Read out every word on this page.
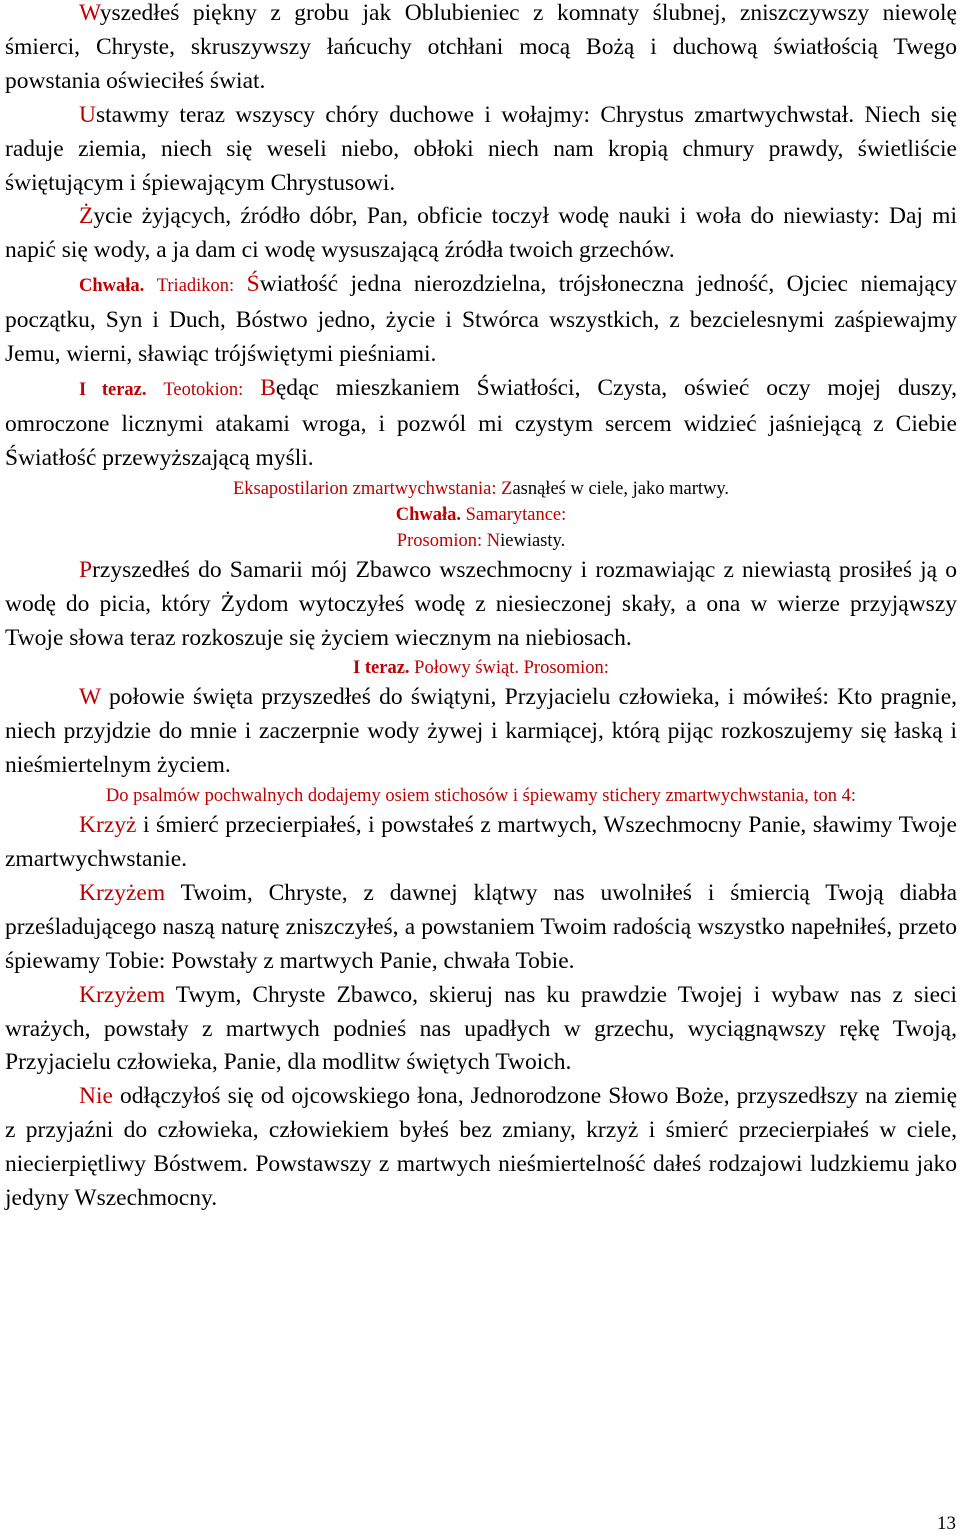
Wyszedłeś piękny z grobu jak Oblubieniec z komnaty ślubnej, zniszczywszy niewolę śmierci, Chryste, skruszywszy łańcuchy otchłani mocą Bożą i duchową światłością Twego powstania oświeciłeś świat.

Ustawmy teraz wszyscy chóry duchowe i wołajmy: Chrystus zmartwychwstał. Niech się raduje ziemia, niech się weseli niebo, obłoki niech nam kropią chmury prawdy, świetliście świętującym i śpiewającym Chrystusowi.

Życie żyjących, źródło dóbr, Pan, obficie toczył wodę nauki i woła do niewiasty: Daj mi napić się wody, a ja dam ci wodę wysuszającą źródła twoich grzechów.

Chwała. Triadikon: Światłość jedna nierozdzielna, trójsłoneczna jedność, Ojciec niemający początku, Syn i Duch, Bóstwo jedno, życie i Stwórca wszystkich, z bezcielesnymi zaśpiewajmy Jemu, wierni, sławiąc trójświętymi pieśniami.

I teraz. Teotokion: Będąc mieszkaniem Światłości, Czysta, oświeć oczy mojej duszy, omroczone licznymi atakami wroga, i pozwól mi czystym sercem widzieć jaśniejącą z Ciebie Światłość przewyższającą myśli.

Eksapostilarion zmartwychwstania: Zasnąłeś w ciele, jako martwy.

Chwała. Samarytance:

Prosomion: Niewiasty.

Przyszedłeś do Samarii mój Zbawco wszechmocny i rozmawiając z niewiastą prosiłeś ją o wodę do picia, który Żydom wytoczyłeś wodę z niesieczonej skały, a ona w wierze przyjąwszy Twoje słowa teraz rozkoszuje się życiem wiecznym na niebiosach.

I teraz. Połowy świąt. Prosomion:

W połowie święta przyszedłeś do świątyni, Przyjacielu człowieka, i mówiłeś: Kto pragnie, niech przyjdzie do mnie i zaczerpnie wody żywej i karmiącej, którą pijąc rozkoszujemy się łaską i nieśmiertelnym życiem.

Do psalmów pochwalnych dodajemy osiem stichosów i śpiewamy stichery zmartwychwstania, ton 4:

Krzyż i śmierć przecierpiałeś, i powstałeś z martwych, Wszechmocny Panie, sławimy Twoje zmartwychwstanie.

Krzyżem Twoim, Chryste, z dawnej klątwy nas uwolniłeś i śmiercią Twoją diabła prześladującego naszą naturę zniszczyłeś, a powstaniem Twoim radością wszystko napełniłeś, przeto śpiewamy Tobie: Powstały z martwych Panie, chwała Tobie.

Krzyżem Twym, Chryste Zbawco, skieruj nas ku prawdzie Twojej i wybaw nas z sieci wrażych, powstały z martwych podnieś nas upadłych w grzechu, wyciągnąwszy rękę Twoją, Przyjacielu człowieka, Panie, dla modlitw świętych Twoich.

Nie odłączyłoś się od ojcowskiego łona, Jednorodzone Słowo Boże, przyszedłszy na ziemię z przyjaźni do człowieka, człowiekiem byłeś bez zmiany, krzyż i śmierć przecierpiałeś w ciele, niecierpiętliwy Bóstwem. Powstawszy z martwych nieśmiertelność dałeś rodzajowi ludzkiemu jako jedyny Wszechmocny.

13
